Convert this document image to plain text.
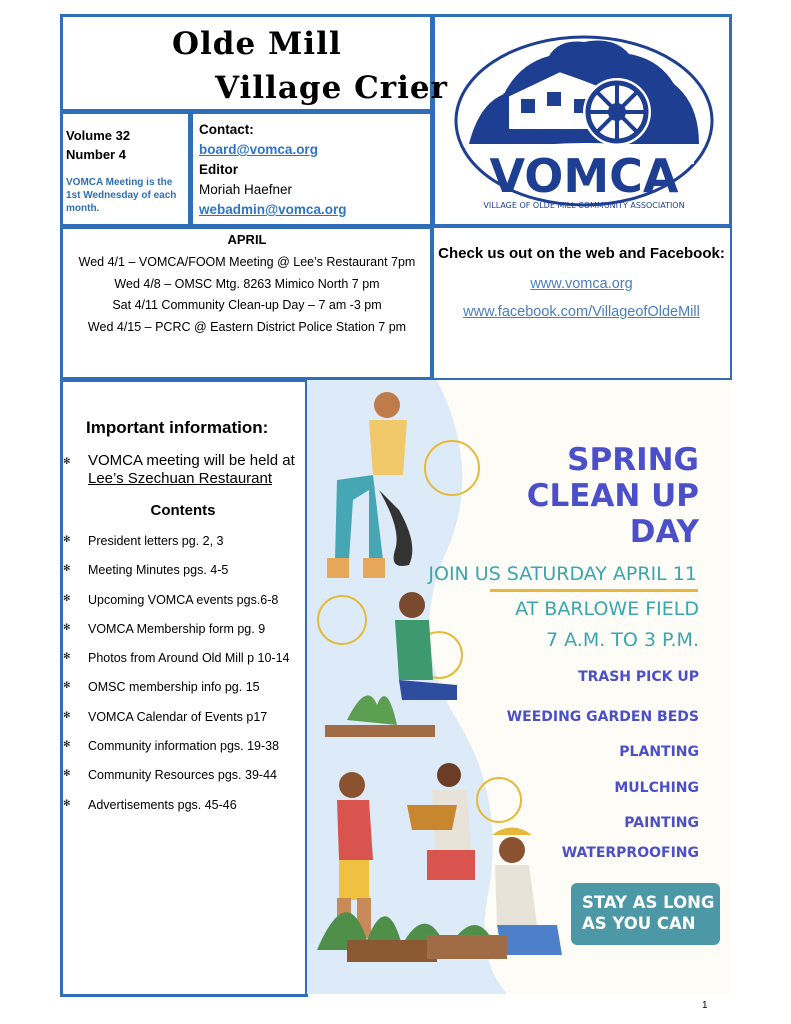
Olde Mill
Village Crier
VOMCA
VILLAGE OF OLDE MILL COMMUNITY ASSOCIATION
Volume 32
Number 4
VOMCA Meeting is the 1st Wednesday of each month.
Contact:
board@vomca.org
Editor
Moriah Haefner
webadmin@vomca.org
APRIL
Wed 4/1 – VOMCA/FOOM Meeting @ Lee’s Restaurant 7pm
Wed 4/8 – OMSC Mtg. 8263 Mimico North 7 pm
Sat 4/11 Community Clean-up Day – 7 am -3 pm
Wed 4/15 – PCRC @ Eastern District Police Station 7 pm
Check us out on the web and Facebook:
www.vomca.org
www.facebook.com/VillageofOldeMill
Important information:
✻ VOMCA meeting will be held at Lee’s Szechuan Restaurant
Contents
✻ President letters pg. 2, 3
✻ Meeting Minutes pgs. 4-5
✻ Upcoming VOMCA events pgs.6-8
✻ VOMCA Membership form pg. 9
✻ Photos from Around Old Mill p 10-14
✻ OMSC membership info pg. 15
✻ VOMCA Calendar of Events p17
✻ Community information pgs. 19-38
✻ Community Resources pgs. 39-44
✻ Advertisements pgs. 45-46
SPRING
CLEAN UP
DAY
JOIN US SATURDAY APRIL 11
AT BARLOWE FIELD
7 A.M. TO 3 P.M.
TRASH PICK UP
WEEDING GARDEN BEDS
PLANTING
MULCHING
PAINTING
WATERPROOFING
STAY AS LONG
AS YOU CAN
1
